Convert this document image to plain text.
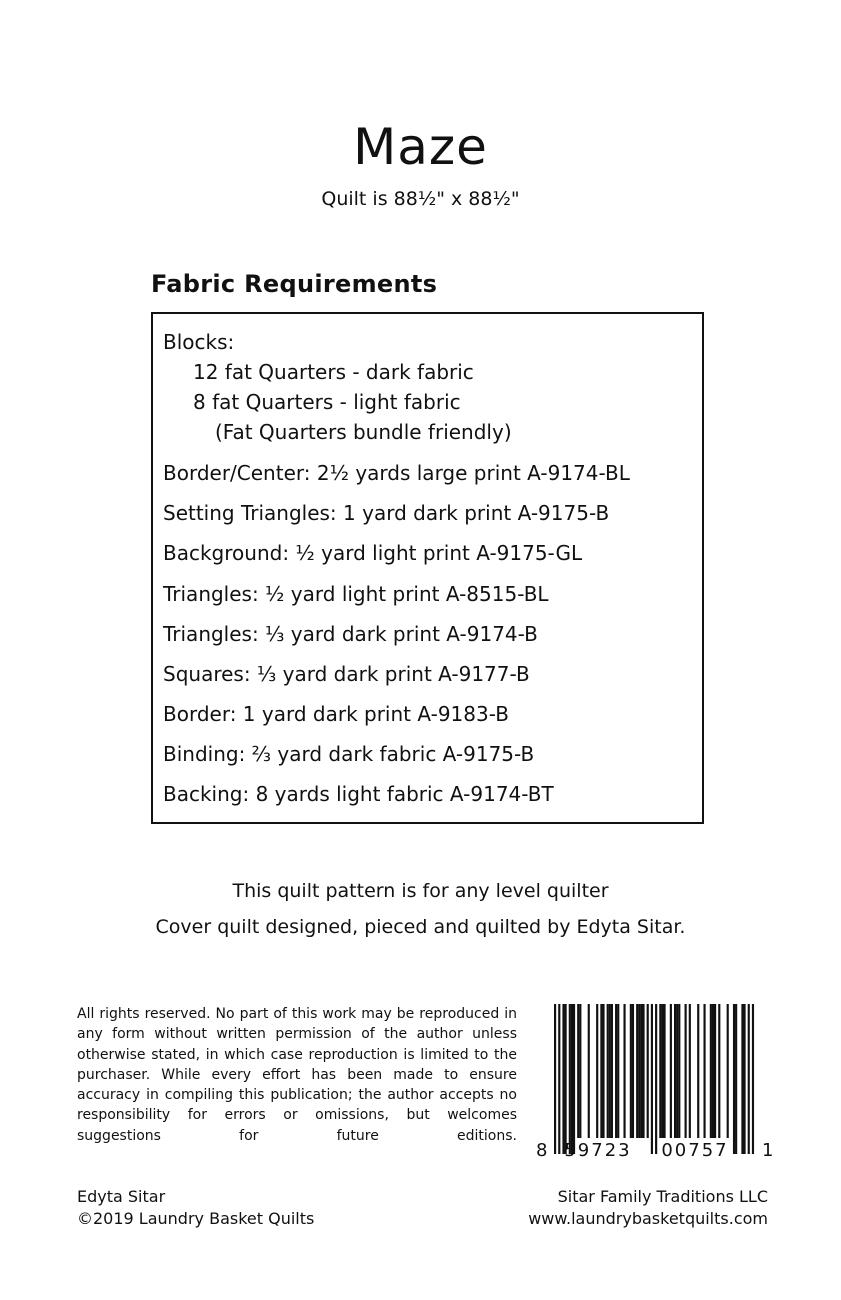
Maze
Quilt is 88½" x 88½"
Fabric Requirements
Blocks:
12 fat Quarters - dark fabric
8 fat Quarters - light fabric
(Fat Quarters bundle friendly)
Border/Center: 2½ yards large print A-9174-BL
Setting Triangles: 1 yard dark print A-9175-B
Background: ½ yard light print A-9175-GL
Triangles: ½ yard light print A-8515-BL
Triangles: ⅓ yard dark print A-9174-B
Squares: ⅓ yard dark print A-9177-B
Border: 1 yard dark print A-9183-B
Binding: ⅔ yard dark fabric A-9175-B
Backing: 8 yards light fabric A-9174-BT
This quilt pattern is for any level quilter
Cover quilt designed, pieced and quilted by Edyta Sitar.
All rights reserved. No part of this work may be reproduced in any form without written permission of the author unless otherwise stated, in which case reproduction is limited to the purchaser. While every effort has been made to ensure accuracy in compiling this publication; the author accepts no responsibility for errors or omissions, but welcomes suggestions for future editions.
8 59723 00757 1
Edyta Sitar
©2019 Laundry Basket Quilts
Sitar Family Traditions LLC
www.laundrybasketquilts.com
